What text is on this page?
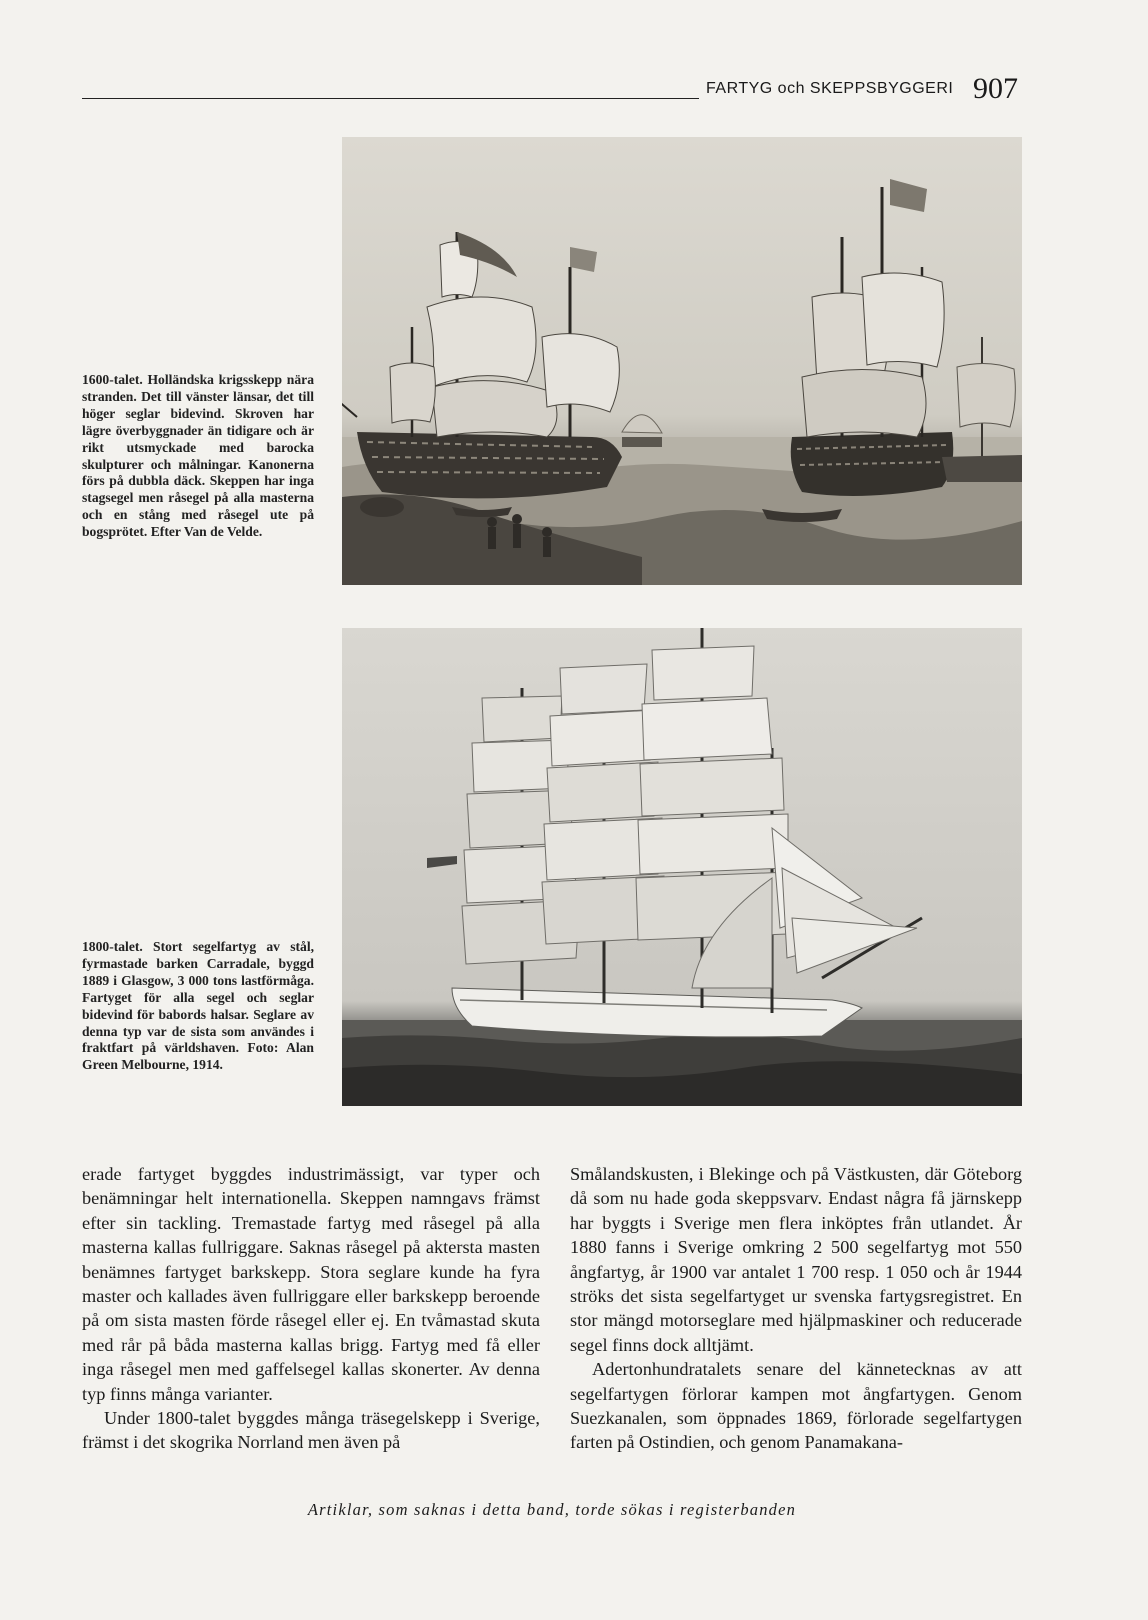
FARTYG och SKEPPSBYGGERI 907

1600-talet. Holländska krigsskepp nära stranden. Det till vänster länsar, det till höger seglar bidevind. Skroven har lägre överbyggnader än tidigare och är rikt utsmyckade med barocka skulpturer och målningar. Kanonerna förs på dubbla däck. Skeppen har inga stagsegel men råsegel på alla masterna och en stång med råsegel ute på bogsprötet. Efter Van de Velde.

1800-talet. Stort segelfartyg av stål, fyrmastade barken Carradale, byggd 1889 i Glasgow, 3 000 tons lastförmåga. Fartyget för alla segel och seglar bidevind för babords halsar. Seglare av denna typ var de sista som användes i fraktfart på världshaven. Foto: Alan Green Melbourne, 1914.

erade fartyget byggdes industrimässigt, var typer och benämningar helt internationella. Skeppen namngavs främst efter sin tackling. Tremastade fartyg med råsegel på alla masterna kallas fullriggare. Saknas råsegel på aktersta masten benämnes fartyget barkskepp. Stora seglare kunde ha fyra master och kallades även fullriggare eller barkskepp beroende på om sista masten förde råsegel eller ej. En tvåmastad skuta med rår på båda masterna kallas brigg. Fartyg med få eller inga råsegel men med gaffelsegel kallas skonerter. Av denna typ finns många varianter.

Under 1800-talet byggdes många träsegelskepp i Sverige, främst i det skogrika Norrland men även på

Smålandskusten, i Blekinge och på Västkusten, där Göteborg då som nu hade goda skeppsvarv. Endast några få järnskepp har byggts i Sverige men flera inköptes från utlandet. År 1880 fanns i Sverige omkring 2 500 segelfartyg mot 550 ångfartyg, år 1900 var antalet 1 700 resp. 1 050 och år 1944 ströks det sista segelfartyget ur svenska fartygsregistret. En stor mängd motorseglare med hjälpmaskiner och reducerade segel finns dock alltjämt.

Adertonhundratalets senare del kännetecknas av att segelfartygen förlorar kampen mot ångfartygen. Genom Suezkanalen, som öppnades 1869, förlorade segelfartygen farten på Ostindien, och genom Panamakana-

Artiklar, som saknas i detta band, torde sökas i registerbanden
